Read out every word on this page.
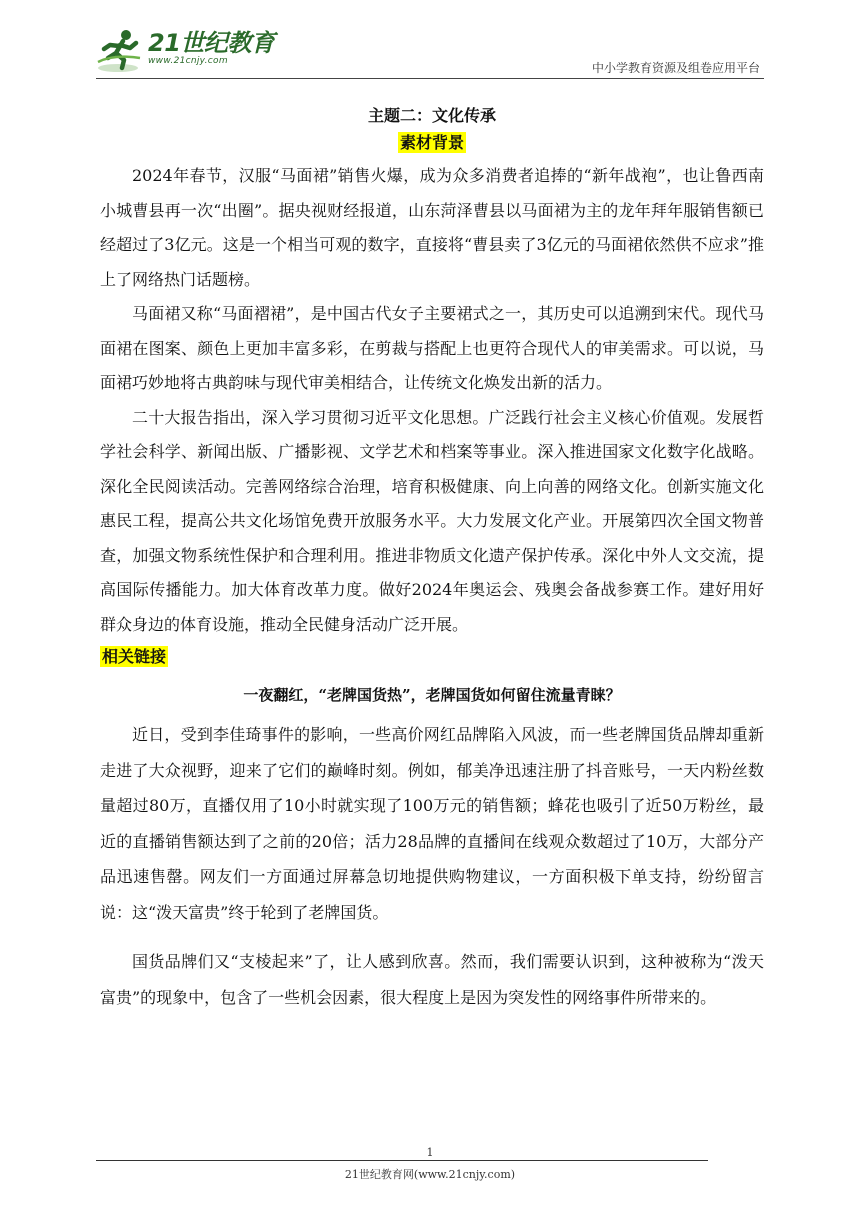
21世纪教育
www.21cnjy.com	中小学教育资源及组卷应用平台
主题二：文化传承
素材背景

2024年春节，汉服“马面裙”销售火爆，成为众多消费者追捧的“新年战袍”，也让鲁西南小城曹县再一次“出圈”。据央视财经报道，山东菏泽曹县以马面裙为主的龙年拜年服销售额已经超过了3亿元。这是一个相当可观的数字，直接将“曹县卖了3亿元的马面裙依然供不应求”推上了网络热门话题榜。

马面裙又称“马面褶裙”，是中国古代女子主要裙式之一，其历史可以追溯到宋代。现代马面裙在图案、颜色上更加丰富多彩，在剪裁与搭配上也更符合现代人的审美需求。可以说，马面裙巧妙地将古典韵味与现代审美相结合，让传统文化焕发出新的活力。

二十大报告指出，深入学习贯彻习近平文化思想。广泛践行社会主义核心价值观。发展哲学社会科学、新闻出版、广播影视、文学艺术和档案等事业。深入推进国家文化数字化战略。深化全民阅读活动。完善网络综合治理，培育积极健康、向上向善的网络文化。创新实施文化惠民工程，提高公共文化场馆免费开放服务水平。大力发展文化产业。开展第四次全国文物普查，加强文物系统性保护和合理利用。推进非物质文化遗产保护传承。深化中外人文交流，提高国际传播能力。加大体育改革力度。做好2024年奥运会、残奥会备战参赛工作。建好用好群众身边的体育设施，推动全民健身活动广泛开展。

相关链接
一夜翻红，“老牌国货热”，老牌国货如何留住流量青睐？

近日，受到李佳琦事件的影响，一些高价网红品牌陷入风波，而一些老牌国货品牌却重新走进了大众视野，迎来了它们的巅峰时刻。例如，郁美净迅速注册了抖音账号，一天内粉丝数量超过80万，直播仅用了10小时就实现了100万元的销售额；蜂花也吸引了近50万粉丝，最近的直播销售额达到了之前的20倍；活力28品牌的直播间在线观众数超过了10万，大部分产品迅速售罄。网友们一方面通过屏幕急切地提供购物建议，一方面积极下单支持，纷纷留言说：这“泼天富贵”终于轮到了老牌国货。

国货品牌们又“支棱起来”了，让人感到欣喜。然而，我们需要认识到，这种被称为“泼天富贵”的现象中，包含了一些机会因素，很大程度上是因为突发性的网络事件所带来的。

1
21世纪教育网(www.21cnjy.com)
